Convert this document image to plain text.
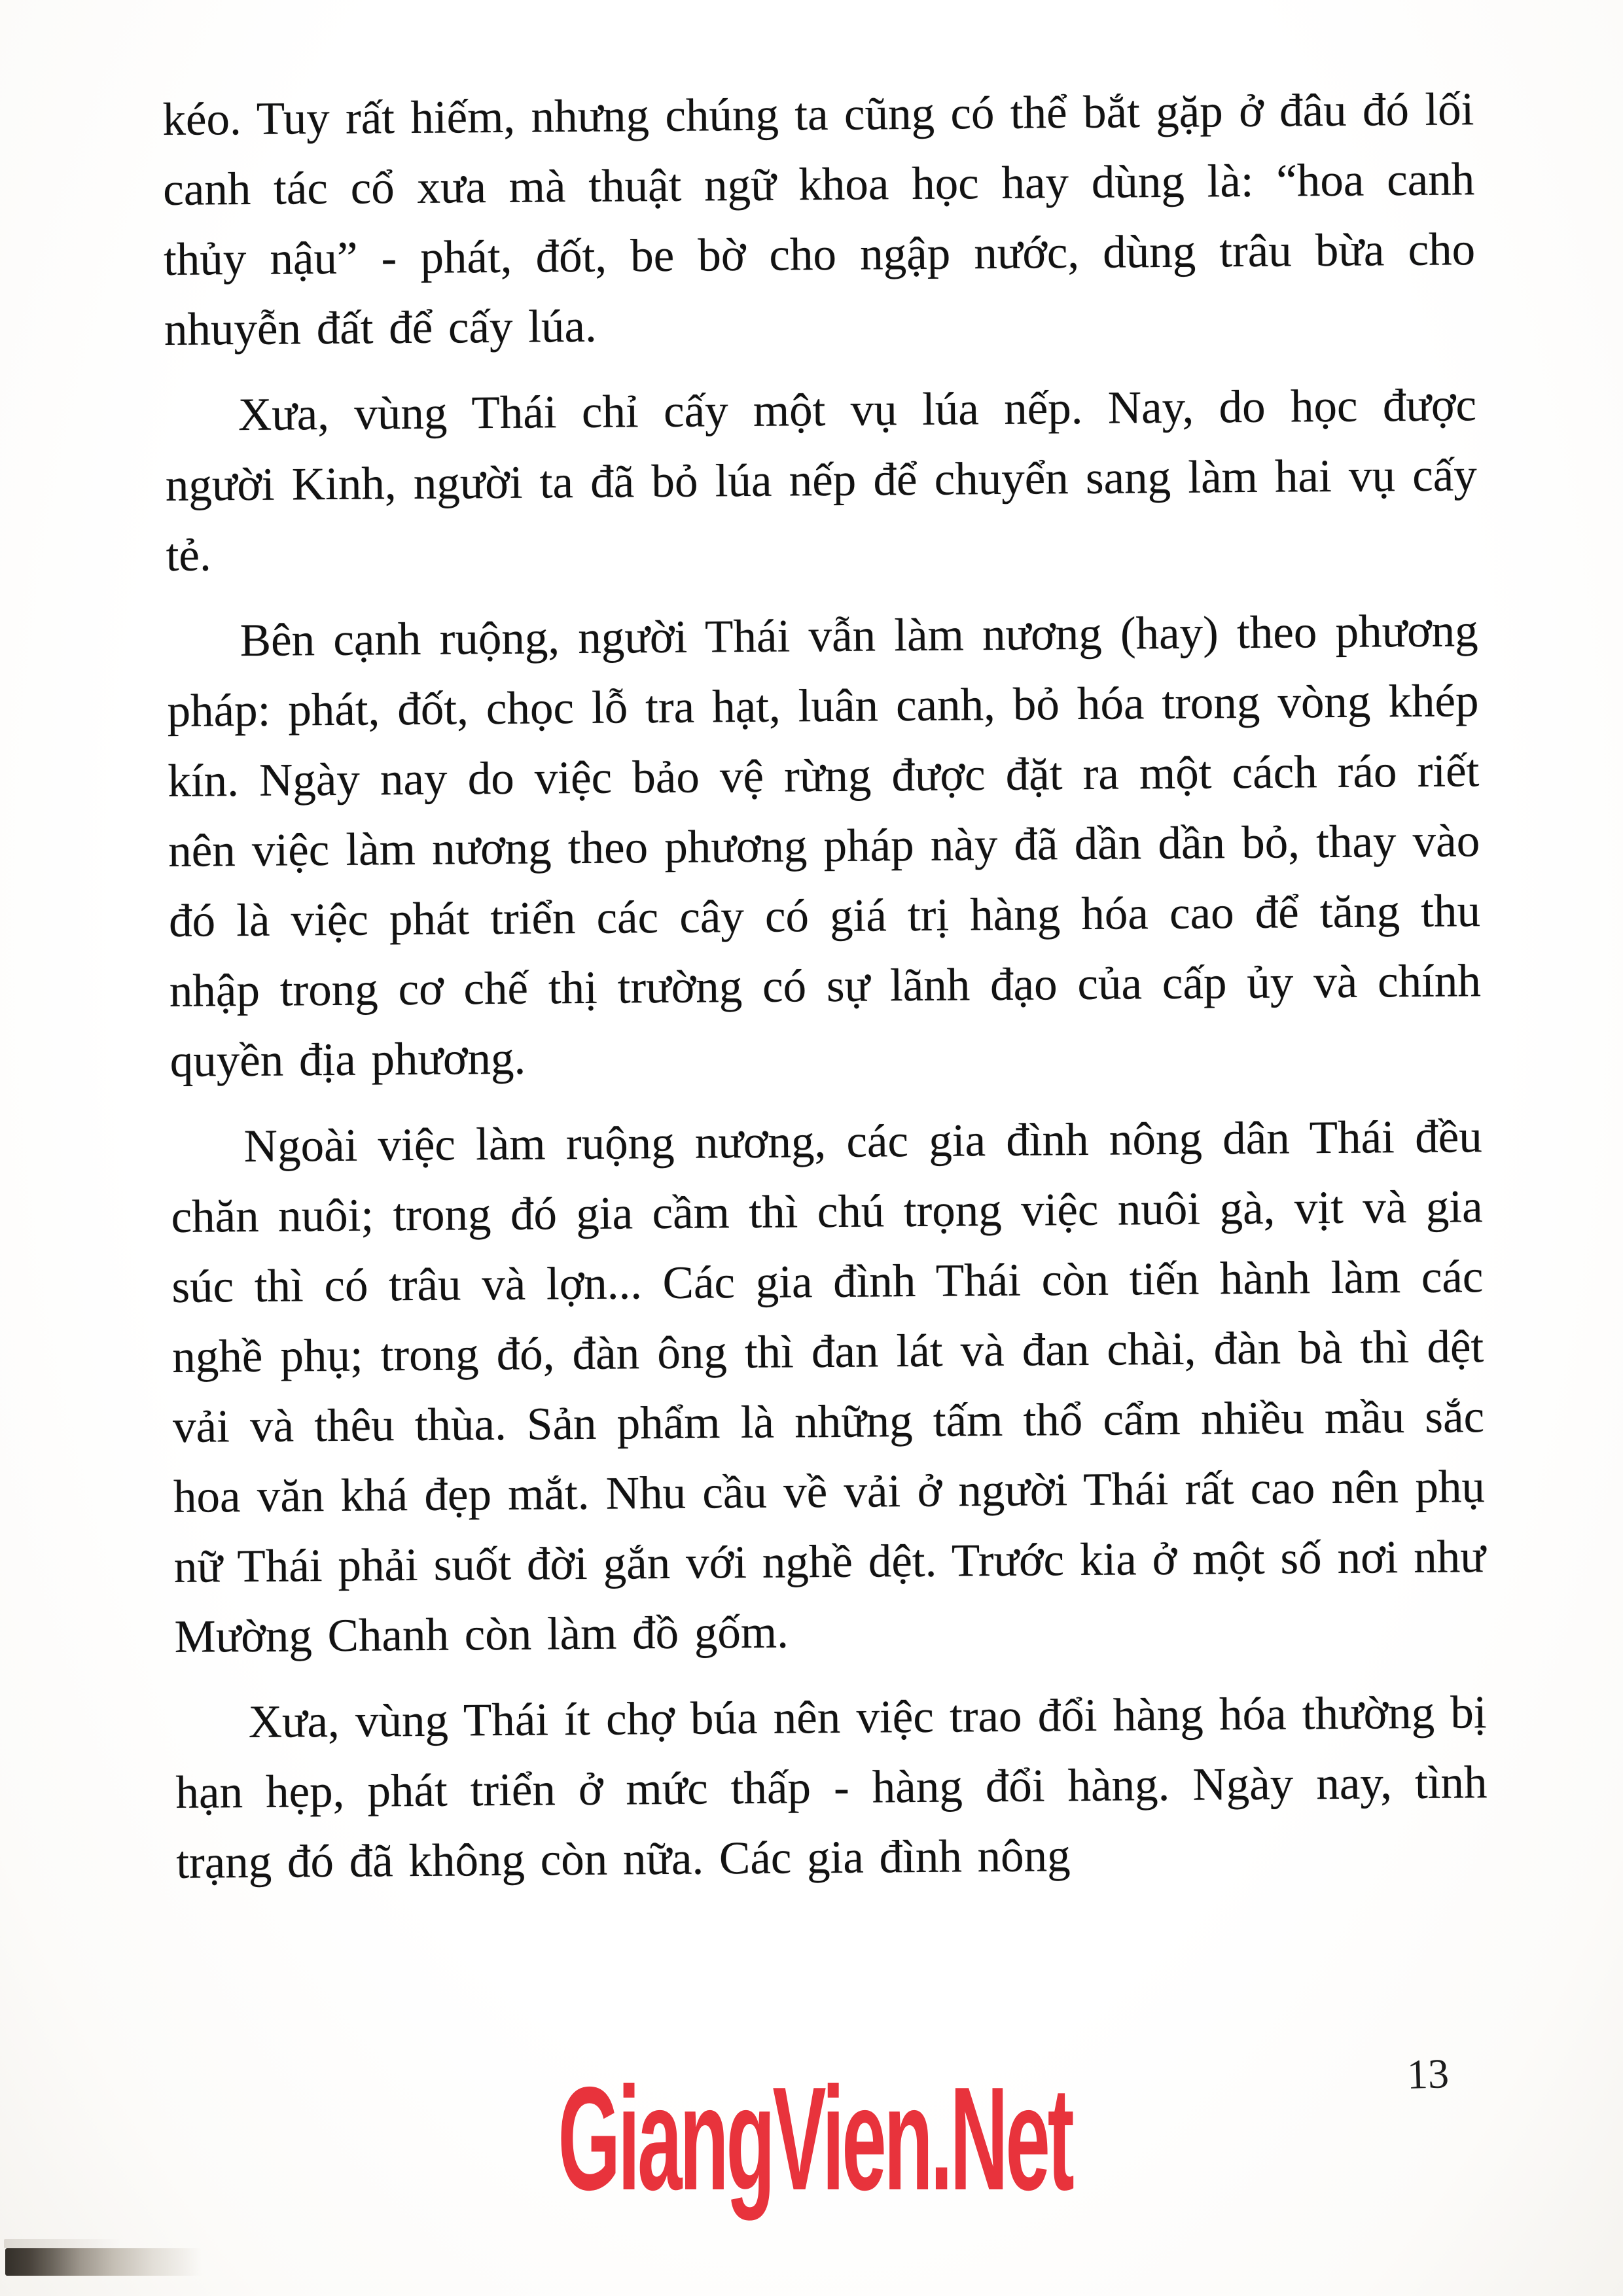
kéo. Tuy rất hiếm, nhưng chúng ta cũng có thể bắt gặp ở đâu đó lối canh tác cổ xưa mà thuật ngữ khoa học hay dùng là: “hoa canh thủy nậu” - phát, đốt, be bờ cho ngập nước, dùng trâu bừa cho nhuyễn đất để cấy lúa.

Xưa, vùng Thái chỉ cấy một vụ lúa nếp. Nay, do học được người Kinh, người ta đã bỏ lúa nếp để chuyển sang làm hai vụ cấy tẻ.

Bên cạnh ruộng, người Thái vẫn làm nương (hay) theo phương pháp: phát, đốt, chọc lỗ tra hạt, luân canh, bỏ hóa trong vòng khép kín. Ngày nay do việc bảo vệ rừng được đặt ra một cách ráo riết nên việc làm nương theo phương pháp này đã dần dần bỏ, thay vào đó là việc phát triển các cây có giá trị hàng hóa cao để tăng thu nhập trong cơ chế thị trường có sự lãnh đạo của cấp ủy và chính quyền địa phương.

Ngoài việc làm ruộng nương, các gia đình nông dân Thái đều chăn nuôi; trong đó gia cầm thì chú trọng việc nuôi gà, vịt và gia súc thì có trâu và lợn... Các gia đình Thái còn tiến hành làm các nghề phụ; trong đó, đàn ông thì đan lát và đan chài, đàn bà thì dệt vải và thêu thùa. Sản phẩm là những tấm thổ cẩm nhiều mầu sắc hoa văn khá đẹp mắt. Nhu cầu về vải ở người Thái rất cao nên phụ nữ Thái phải suốt đời gắn với nghề dệt. Trước kia ở một số nơi như Mường Chanh còn làm đồ gốm.

Xưa, vùng Thái ít chợ búa nên việc trao đổi hàng hóa thường bị hạn hẹp, phát triển ở mức thấp - hàng đổi hàng. Ngày nay, tình trạng đó đã không còn nữa. Các gia đình nông

13
GiangVien.Net
